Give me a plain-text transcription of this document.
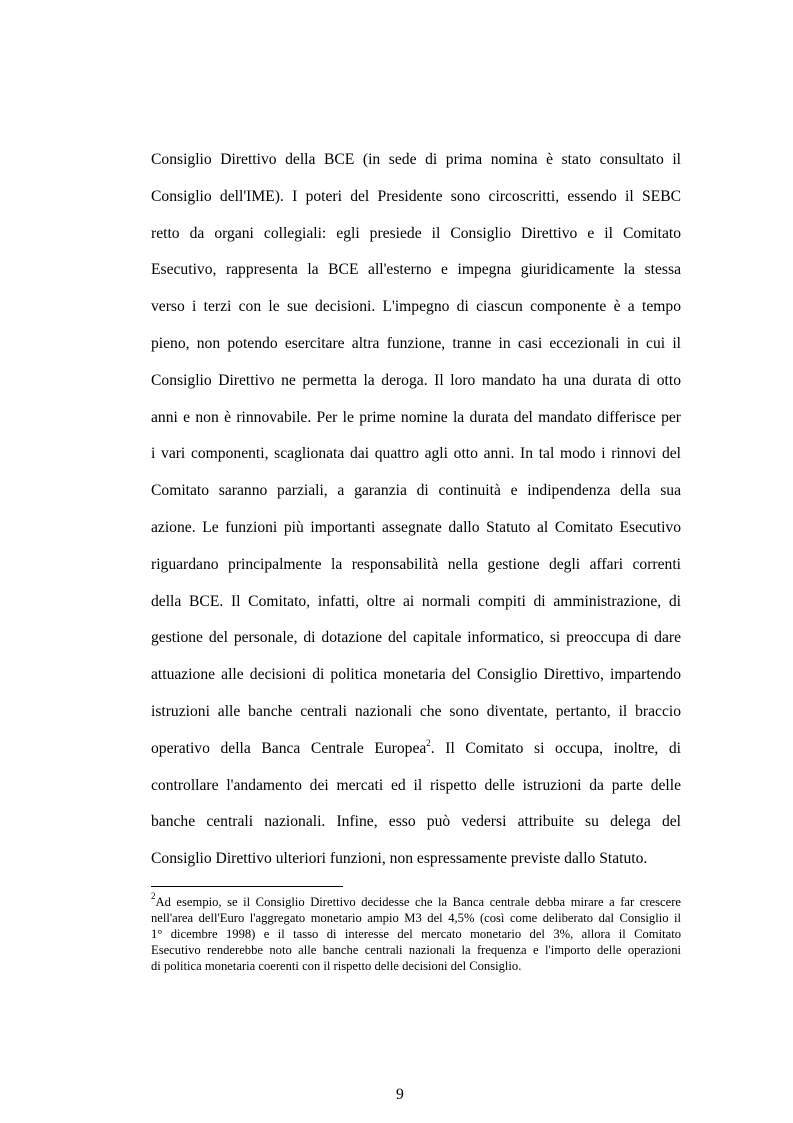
Consiglio Direttivo della BCE (in sede di prima nomina è stato consultato il
Consiglio dell'IME). I poteri del Presidente sono circoscritti, essendo il SEBC
retto da organi collegiali: egli presiede il Consiglio Direttivo e il Comitato
Esecutivo, rappresenta la BCE all'esterno e impegna giuridicamente la stessa
verso i terzi con le sue decisioni. L'impegno di ciascun componente è a tempo
pieno, non potendo esercitare altra funzione, tranne in casi eccezionali in cui il
Consiglio Direttivo ne permetta la deroga. Il loro mandato ha una durata di otto
anni e non è rinnovabile. Per le prime nomine la durata del mandato differisce per
i vari componenti, scaglionata dai quattro agli otto anni. In tal modo i rinnovi del
Comitato saranno parziali, a garanzia di continuità e indipendenza della sua
azione. Le funzioni più importanti assegnate dallo Statuto al Comitato Esecutivo
riguardano principalmente la responsabilità nella gestione degli affari correnti
della BCE. Il Comitato, infatti, oltre ai normali compiti di amministrazione, di
gestione del personale, di dotazione del capitale informatico, si preoccupa di dare
attuazione alle decisioni di politica monetaria del Consiglio Direttivo, impartendo
istruzioni alle banche centrali nazionali che sono diventate, pertanto, il braccio
operativo della Banca Centrale Europea$^2$. Il Comitato si occupa, inoltre, di
controllare l'andamento dei mercati ed il rispetto delle istruzioni da parte delle
banche centrali nazionali. Infine, esso può vedersi attribuite su delega del
Consiglio Direttivo ulteriori funzioni, non espressamente previste dallo Statuto.
$^2$Ad esempio, se il Consiglio Direttivo decidesse che la Banca centrale debba mirare a far crescere
nell'area dell'Euro l'aggregato monetario ampio M3 del 4,5% (così come deliberato dal Consiglio il
1° dicembre 1998) e il tasso di interesse del mercato monetario del 3%, allora il Comitato
Esecutivo renderebbe noto alle banche centrali nazionali la frequenza e l'importo delle operazioni
di politica monetaria coerenti con il rispetto delle decisioni del Consiglio.
9
